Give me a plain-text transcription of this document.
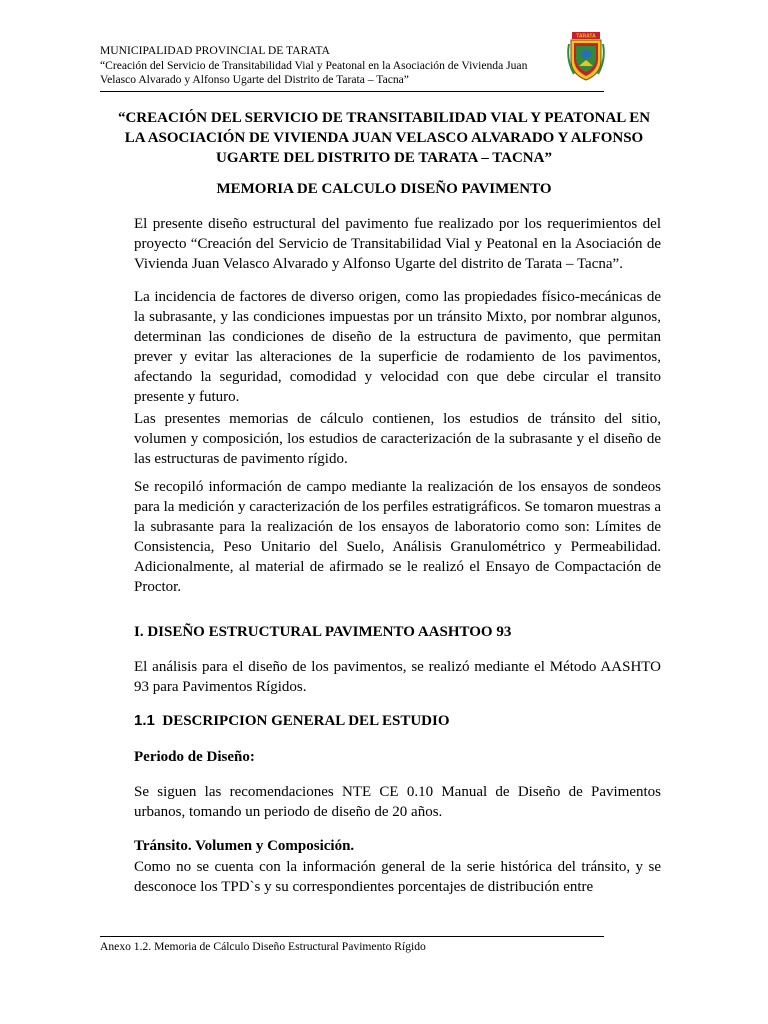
MUNICIPALIDAD PROVINCIAL DE TARATA
“Creación del Servicio de Transitabilidad Vial y Peatonal en la Asociación de Vivienda Juan
Velasco Alvarado y Alfonso Ugarte del Distrito de Tarata – Tacna”
TARATA
“CREACIÓN DEL SERVICIO DE TRANSITABILIDAD VIAL Y PEATONAL EN
LA ASOCIACIÓN DE VIVIENDA JUAN VELASCO ALVARADO Y ALFONSO
UGARTE DEL DISTRITO DE TARATA – TACNA”
MEMORIA DE CALCULO DISEÑO PAVIMENTO
El presente diseño estructural del pavimento fue realizado por los requerimientos del proyecto “Creación del Servicio de Transitabilidad Vial y Peatonal en la Asociación de Vivienda Juan Velasco Alvarado y Alfonso Ugarte del distrito de Tarata – Tacna”.
La incidencia de factores de diverso origen, como las propiedades físico-mecánicas de la subrasante, y las condiciones impuestas por un tránsito Mixto, por nombrar algunos, determinan las condiciones de diseño de la estructura de pavimento, que permitan prever y evitar las alteraciones de la superficie de rodamiento de los pavimentos, afectando la seguridad, comodidad y velocidad con que debe circular el transito presente y futuro.
Las presentes memorias de cálculo contienen, los estudios de tránsito del sitio, volumen y composición, los estudios de caracterización de la subrasante y el diseño de las estructuras de pavimento rígido.
Se recopiló información de campo mediante la realización de los ensayos de sondeos para la medición y caracterización de los perfiles estratigráficos. Se tomaron muestras a la subrasante para la realización de los ensayos de laboratorio como son: Límites de Consistencia, Peso Unitario del Suelo, Análisis Granulométrico y Permeabilidad. Adicionalmente, al material de afirmado se le realizó el Ensayo de Compactación de Proctor.
I. DISEÑO ESTRUCTURAL PAVIMENTO AASHTOO 93
El análisis para el diseño de los pavimentos, se realizó mediante el Método AASHTO 93 para Pavimentos Rígidos.
1.1 DESCRIPCION GENERAL DEL ESTUDIO
Periodo de Diseño:
Se siguen las recomendaciones NTE CE 0.10 Manual de Diseño de Pavimentos urbanos, tomando un periodo de diseño de 20 años.
Tránsito. Volumen y Composición.
Como no se cuenta con la información general de la serie histórica del tránsito, y se desconoce los TPD`s y su correspondientes porcentajes de distribución entre
Anexo 1.2. Memoria de Cálculo Diseño Estructural Pavimento Rígido
